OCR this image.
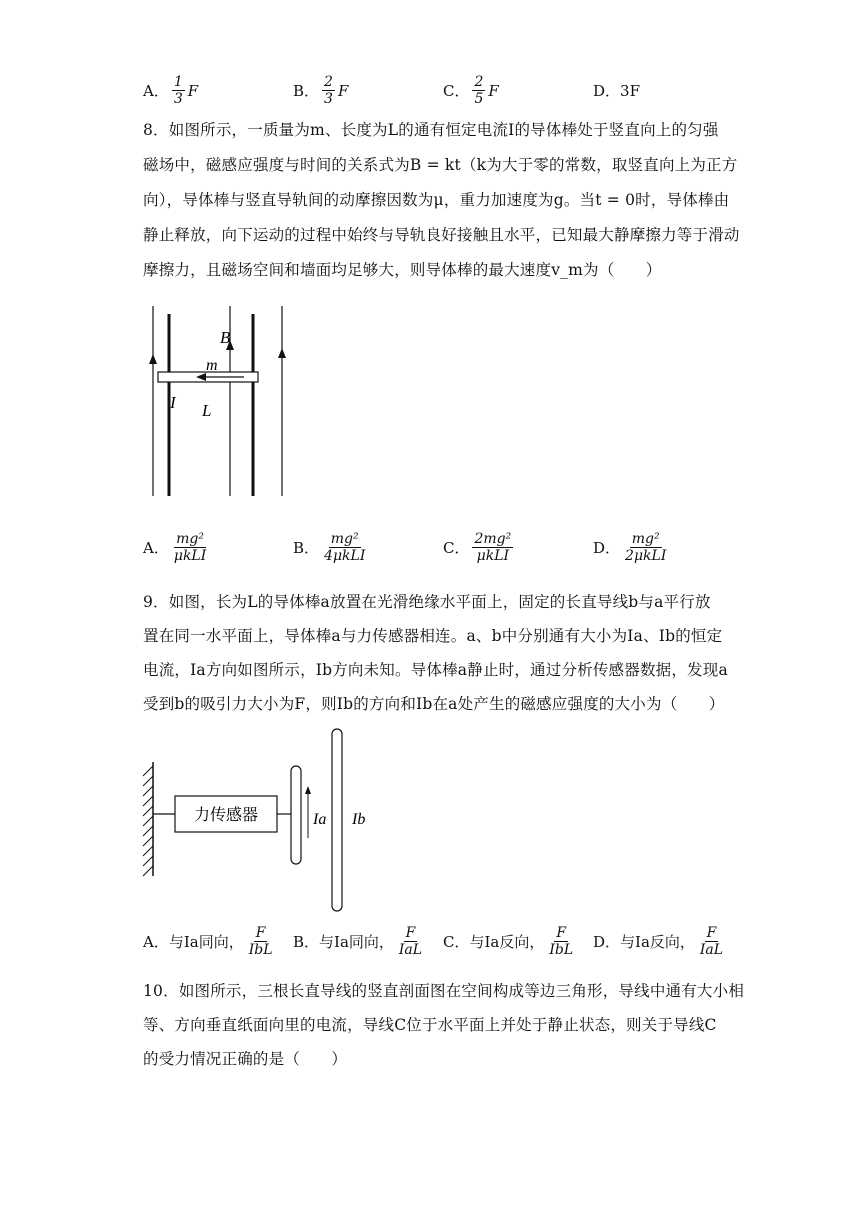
A． $\frac{1}{3}$ F	B． $\frac{2}{3}$ F	C． $\frac{2}{5}$ F	D． 3F
8．如图所示，一质量为m、长度为L的通有恒定电流I的导体棒处于竖直向上的匀强
磁场中，磁感应强度与时间的关系式为B = kt（k为大于零的常数，取竖直向上为正方
向），导体棒与竖直导轨间的动摩擦因数为μ，重力加速度为g。当t = 0时，导体棒由
静止释放，向下运动的过程中始终与导轨良好接触且水平，已知最大静摩擦力等于滑动
摩擦力，且磁场空间和墙面均足够大，则导体棒的最大速度v_m为（　　）
B
m
I L
A． $\frac{\text{mg²}}{\text{μkLI}}$	B． $\frac{\text{mg²}}{\text{4μkLI}}$	C． $\frac{\text{2mg²}}{\text{μkLI}}$	D． $\frac{\text{mg²}}{\text{2μkLI}}$
9．如图，长为L的导体棒a放置在光滑绝缘水平面上，固定的长直导线b与a平行放
置在同一水平面上，导体棒a与力传感器相连。a、b中分别通有大小为Ia、Ib的恒定
电流，Ia方向如图所示，Ib方向未知。导体棒a静止时，通过分析传感器数据，发现a
受到b的吸引力大小为F，则Ib的方向和Ib在a处产生的磁感应强度的大小为（　　）
力传感器	Ia Ib
A． 与Ia同向， $\frac{F}{\text{IbL}}$ B． 与Ia同向， $\frac{F}{\text{IaL}}$ C． 与Ia反向， $\frac{F}{\text{IbL}}$ D． 与Ia反向， $\frac{F}{\text{IaL}}$
10．如图所示，三根长直导线的竖直剖面图在空间构成等边三角形，导线中通有大小相
等、方向垂直纸面向里的电流，导线C位于水平面上并处于静止状态，则关于导线C
的受力情况正确的是（　　）
